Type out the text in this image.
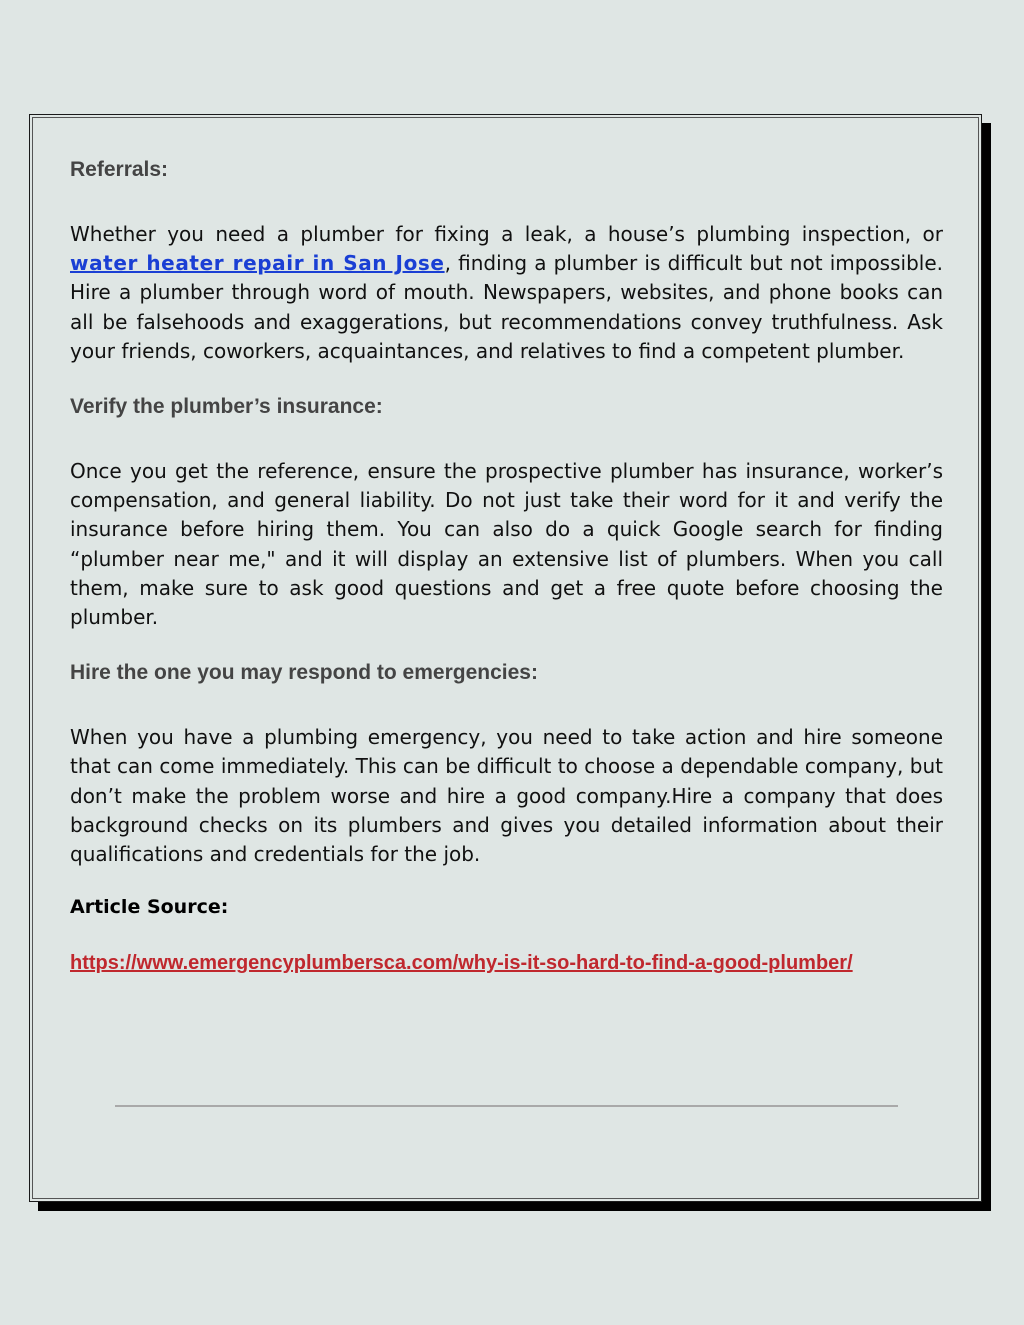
Referrals:

Whether you need a plumber for fixing a leak, a house’s plumbing inspection, or water heater repair in San Jose, finding a plumber is difficult but not impossible. Hire a plumber through word of mouth. Newspapers, websites, and phone books can all be falsehoods and exaggerations, but recommendations convey truthfulness. Ask your friends, coworkers, acquaintances, and relatives to find a competent plumber.

Verify the plumber’s insurance:

Once you get the reference, ensure the prospective plumber has insurance, worker’s compensation, and general liability. Do not just take their word for it and verify the insurance before hiring them. You can also do a quick Google search for finding “plumber near me," and it will display an extensive list of plumbers. When you call them, make sure to ask good questions and get a free quote before choosing the plumber.

Hire the one you may respond to emergencies:

When you have a plumbing emergency, you need to take action and hire someone that can come immediately. This can be difficult to choose a dependable company, but don’t make the problem worse and hire a good company.Hire a company that does background checks on its plumbers and gives you detailed information about their qualifications and credentials for the job.

Article Source:

https://www.emergencyplumbersca.com/why-is-it-so-hard-to-find-a-good-plumber/
